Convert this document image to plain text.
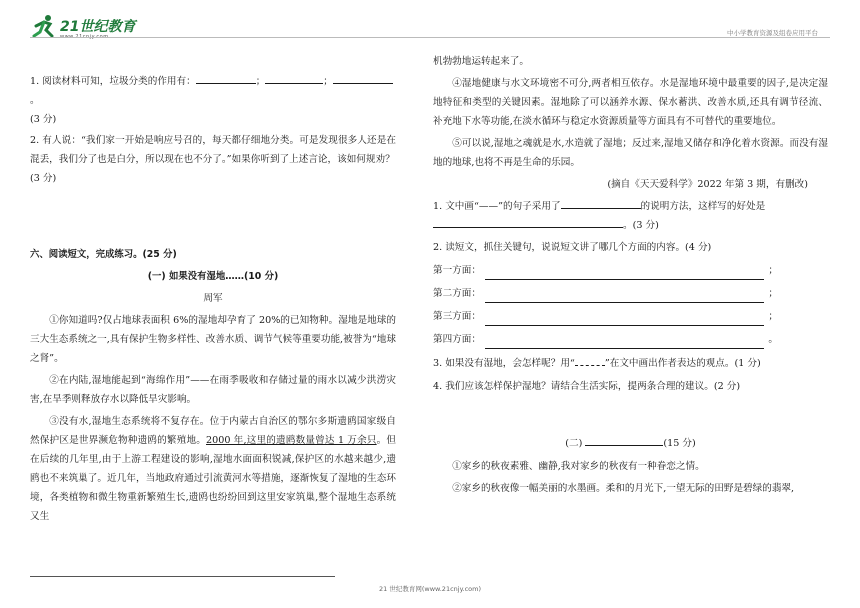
21世纪教育
www.21cnjy.com	中小学教育资源及组卷应用平台

1. 阅读材料可知，垃圾分类的作用有：	；	；。

(3 分)

2. 有人说：“我们家一开始是响应号召的，每天都仔细地分类。可是发现很多人还是在混丢，我们分了也是白分，所以现在也不分了。”如果你听到了上述言论，该如何规劝？

(3 分)

六、阅读短文，完成练习。(25 分)

(一) 如果没有湿地……(10 分)

周军

①你知道吗?仅占地球表面积 6%的湿地却孕育了 20%的已知物种。湿地是地球的三大生态系统之一,具有保护生物多样性、改善水质、调节气候等重要功能,被誉为“地球之肾”。

②在内陆,湿地能起到“海绵作用”——在雨季吸收和存储过量的雨水以减少洪涝灾害,在旱季则释放存水以降低旱灾影响。

③没有水,湿地生态系统将不复存在。位于内蒙古自治区的鄂尔多斯遗鸥国家级自然保护区是世界濒危物种遗鸥的繁殖地。2000 年,这里的遗鸥数量曾达 1 万余只。但在后续的几年里,由于上游工程建设的影响,湿地水面面积锐减,保护区的水越来越少,遗鸥也不来筑巢了。近几年，当地政府通过引流黄河水等措施，逐渐恢复了湿地的生态环境，各类植物和微生物重新繁殖生长,遗鸥也纷纷回到这里安家筑巢,整个湿地生态系统又生

机勃勃地运转起来了。

④湿地健康与水文环境密不可分,两者相互依存。水是湿地环境中最重要的因子,是决定湿地特征和类型的关键因素。湿地除了可以涵养水源、保水蓄洪、改善水质,还具有调节径流、补充地下水等功能,在淡水循环与稳定水资源质量等方面具有不可替代的重要地位。

⑤可以说,湿地之魂就是水,水造就了湿地；反过来,湿地又储存和净化着水资源。而没有湿地的地球,也将不再是生命的乐园。

(摘自《天天爱科学》2022 年第 3 期，有删改)

1. 文中画“——”的句子采用了	的说明方法，这样写的好处是

。(3 分)

2. 读短文，抓住关键句，说说短文讲了哪几个方面的内容。(4 分)

第一方面：	；
第二方面：	；
第三方面：	；
第四方面：	。

3. 如果没有湿地，会怎样呢？用“	”在文中画出作者表达的观点。(1 分)

4. 我们应该怎样保护湿地？请结合生活实际，提两条合理的建议。(2 分)

(二)	(15 分)

①家乡的秋夜素雅、幽静,我对家乡的秋夜有一种眷恋之情。

②家乡的秋夜像一幅美丽的水墨画。柔和的月光下,一望无际的田野是碧绿的翡翠,

21 世纪教育网(www.21cnjy.com)
